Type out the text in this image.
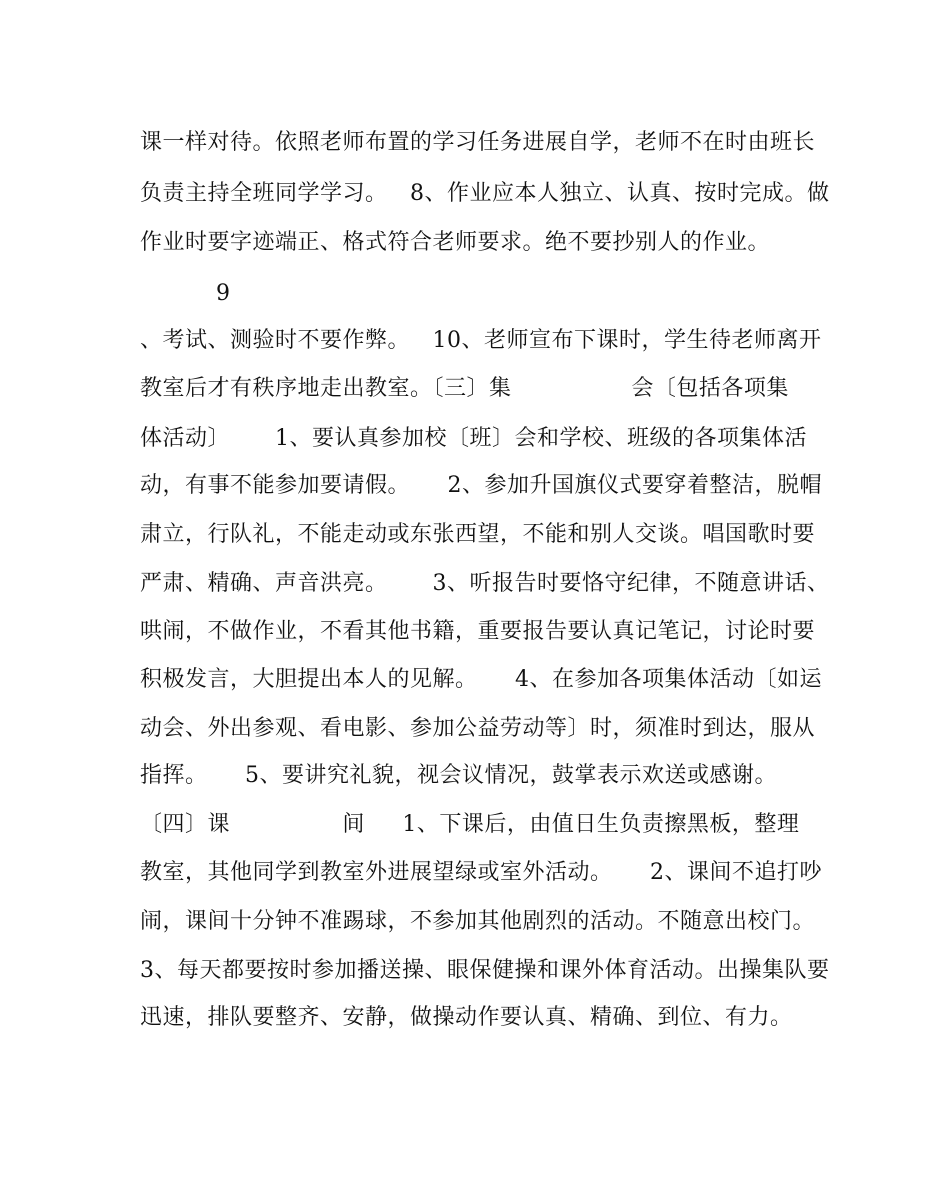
课一样对待。依照老师布置的学习任务进展自学，老师不在时由班长
负责主持全班同学学习。   8、作业应本人独立、认真、按时完成。做
作业时要字迹端正、格式符合老师要求。绝不要抄别人的作业。
9
、考试、测验时不要作弊。   10、老师宣布下课时，学生待老师离开
教室后才有秩序地走出教室。〔三〕集                会〔包括各项集
体活动〕      1、要认真参加校〔班〕会和学校、班级的各项集体活
动，有事不能参加要请假。     2、参加升国旗仪式要穿着整洁，脱帽
肃立，行队礼，不能走动或东张西望，不能和别人交谈。唱国歌时要
严肃、精确、声音洪亮。      3、听报告时要恪守纪律，不随意讲话、
哄闹，不做作业，不看其他书籍，重要报告要认真记笔记，讨论时要
积极发言，大胆提出本人的见解。     4、在参加各项集体活动〔如运
动会、外出参观、看电影、参加公益劳动等〕时，须准时到达，服从
指挥。     5、要讲究礼貌，视会议情况，鼓掌表示欢送或感谢。
〔四〕课               间     1、下课后，由值日生负责擦黑板，整理
教室，其他同学到教室外进展望绿或室外活动。     2、课间不追打吵
闹，课间十分钟不准踢球，不参加其他剧烈的活动。不随意出校门。
3、每天都要按时参加播送操、眼保健操和课外体育活动。出操集队要
迅速，排队要整齐、安静，做操动作要认真、精确、到位、有力。
